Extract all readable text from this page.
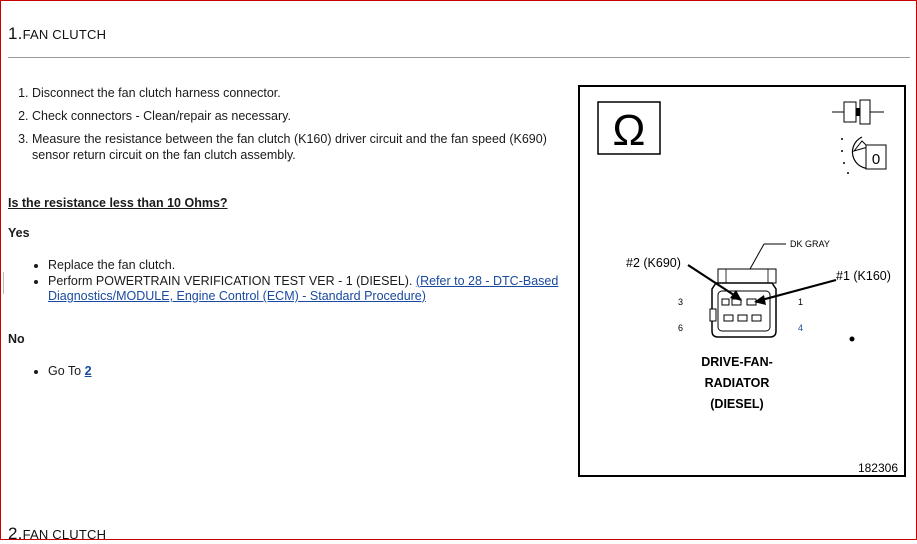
1.FAN CLUTCH
1. Disconnect the fan clutch harness connector.
2. Check connectors - Clean/repair as necessary.
3. Measure the resistance between the fan clutch (K160) driver circuit and the fan speed (K690) sensor return circuit on the fan clutch assembly.
Is the resistance less than 10 Ohms?
Yes
• Replace the fan clutch.
• Perform POWERTRAIN VERIFICATION TEST VER - 1 (DIESEL). (Refer to 28 - DTC-Based Diagnostics/MODULE, Engine Control (ECM) - Standard Procedure)
No
• Go To 2
Ω
0
DK GRAY
#2 (K690)
#1 (K160)
3	1
6	4
DRIVE-FAN-
RADIATOR
(DIESEL)
182306
2.FAN CLUTCH
